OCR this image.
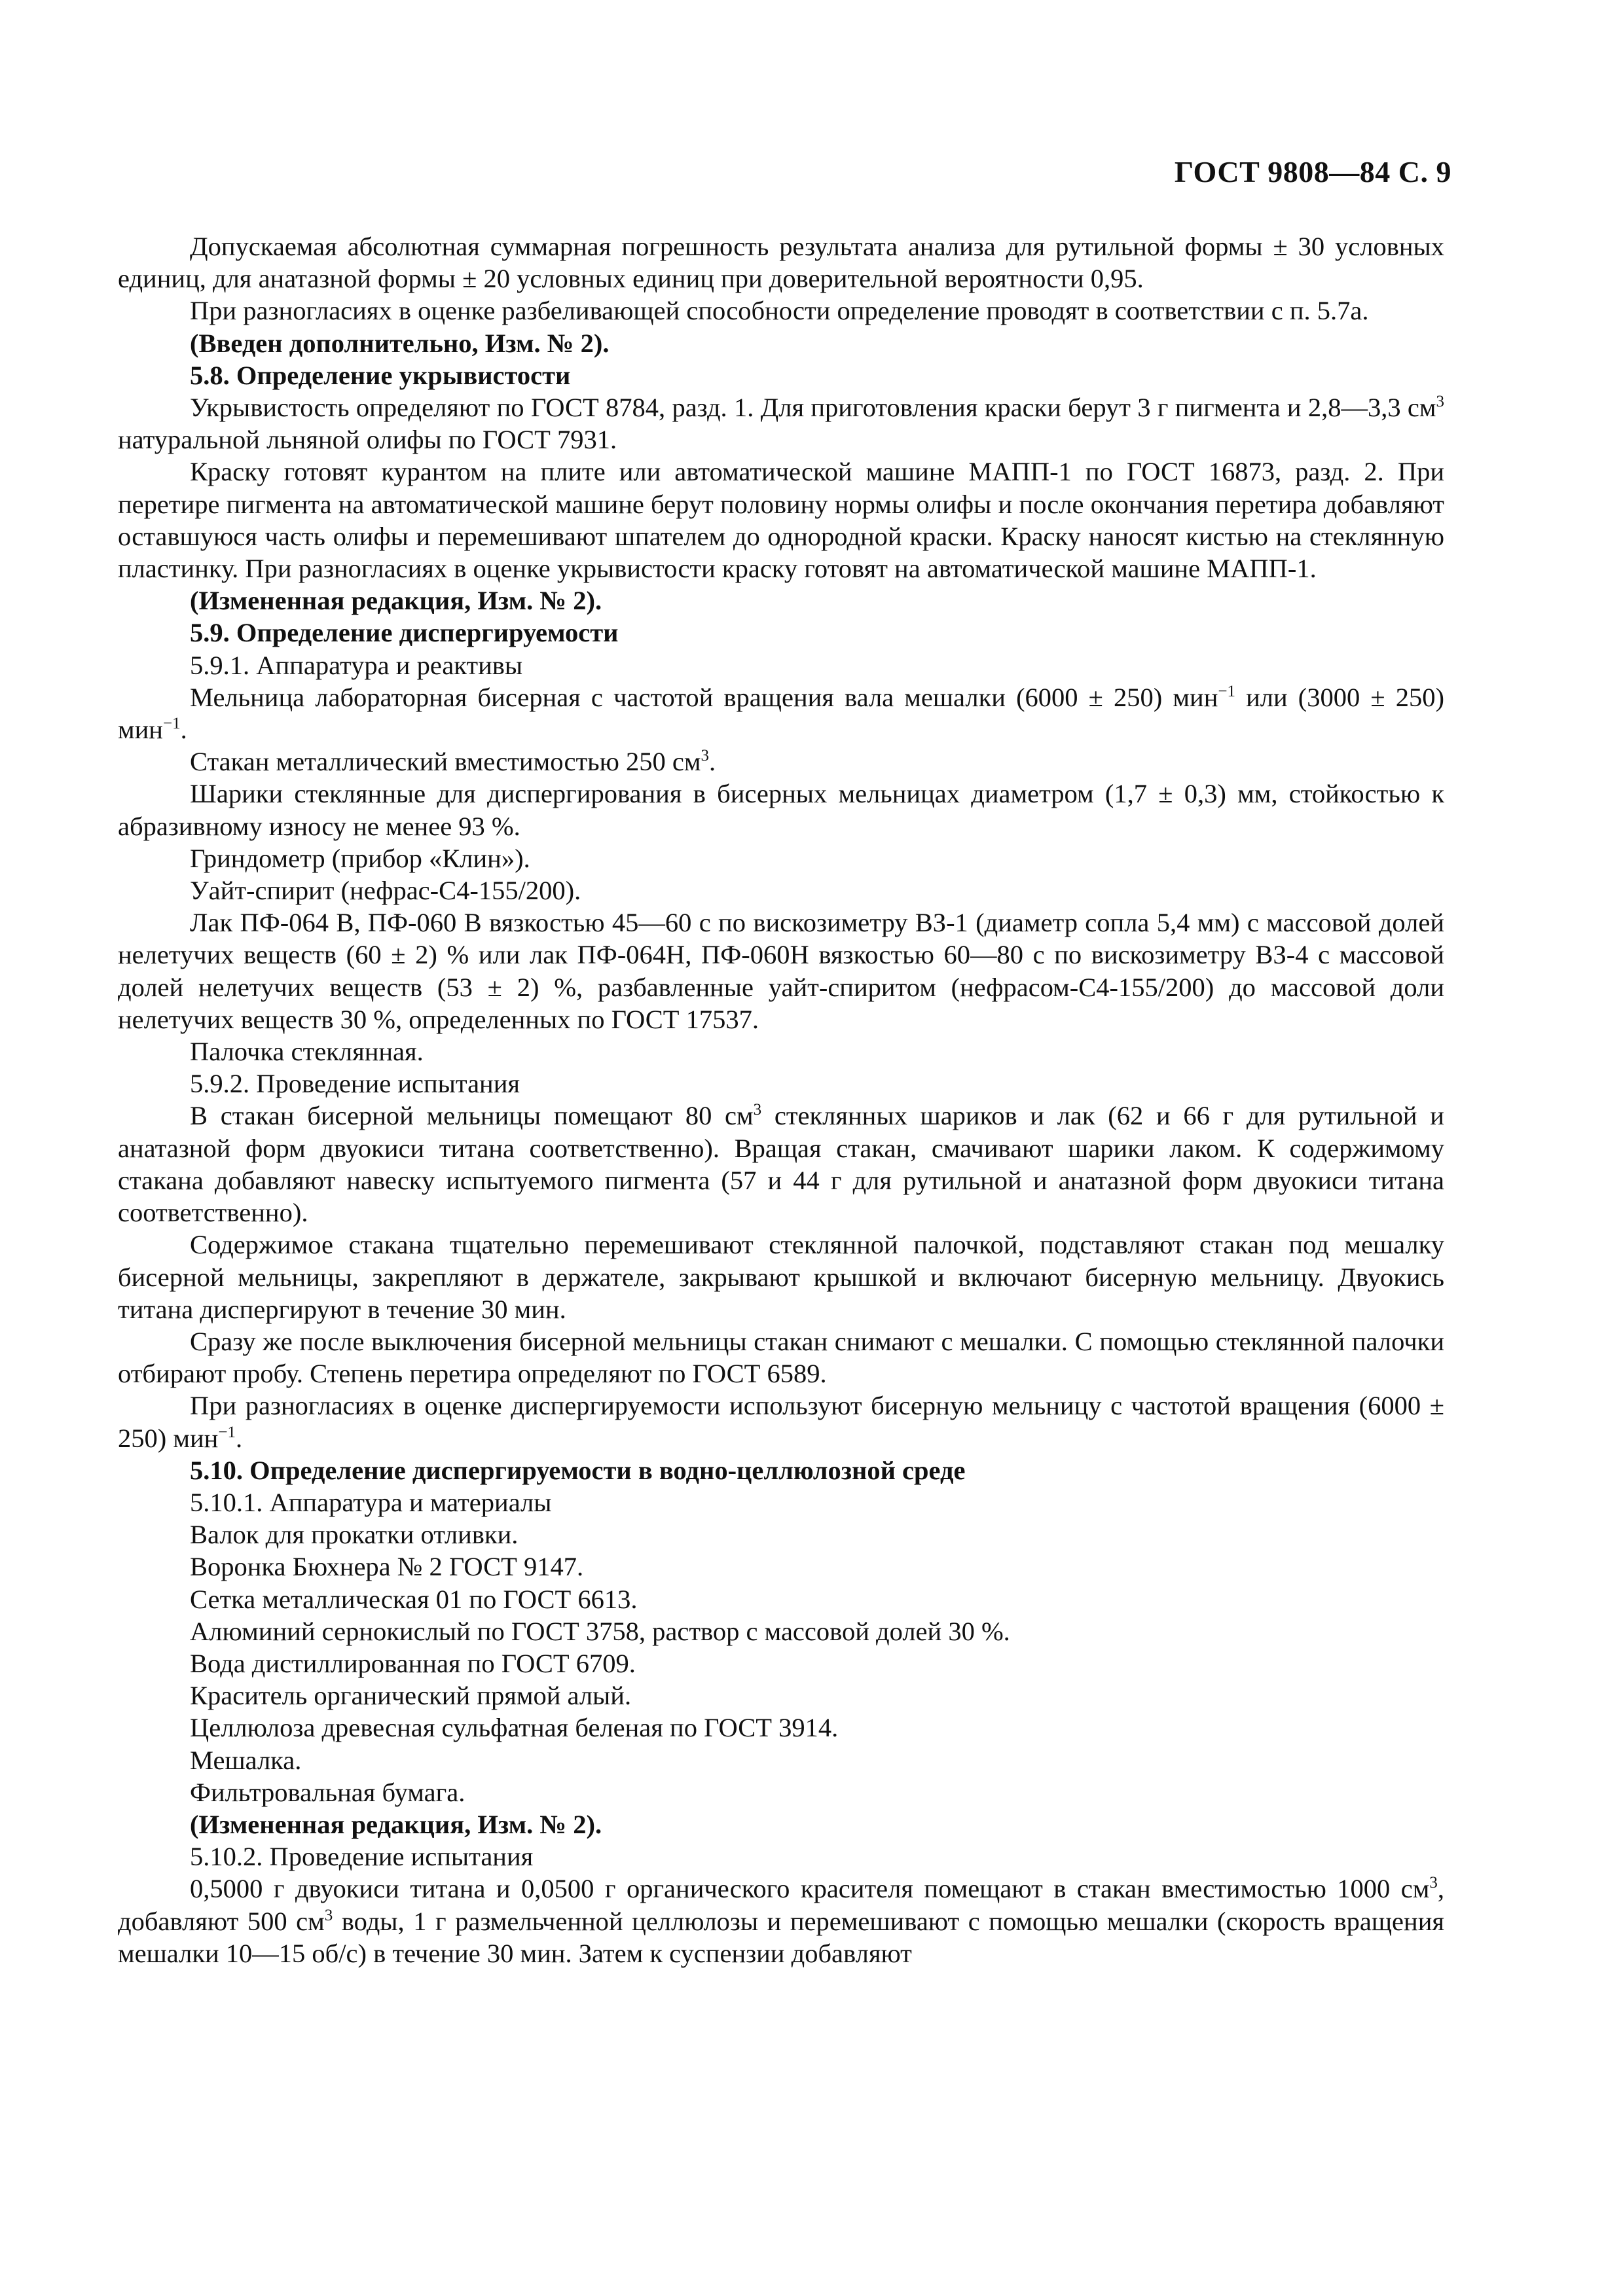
ГОСТ 9808—84 С. 9

Допускаемая абсолютная суммарная погрешность результата анализа для рутильной формы ± 30 условных единиц, для анатазной формы ± 20 условных единиц при доверительной вероятности 0,95.

При разногласиях в оценке разбеливающей способности определение проводят в соответствии с п. 5.7а.

(Введен дополнительно, Изм. № 2).

5.8. Определение укрывистости

Укрывистость определяют по ГОСТ 8784, разд. 1. Для приготовления краски берут 3 г пигмента и 2,8—3,3 $см^3$ натуральной льняной олифы по ГОСТ 7931.

Краску готовят курантом на плите или автоматической машине МАПП-1 по ГОСТ 16873, разд. 2. При перетире пигмента на автоматической машине берут половину нормы олифы и после окончания перетира добавляют оставшуюся часть олифы и перемешивают шпателем до однородной краски. Краску наносят кистью на стеклянную пластинку. При разногласиях в оценке укрывистости краску готовят на автоматической машине МАПП-1.

(Измененная редакция, Изм. № 2).

5.9. Определение диспергируемости

5.9.1. Аппаратура и реактивы

Мельница лабораторная бисерная с частотой вращения вала мешалки (6000 ± 250) мин$^{-1}$ или (3000 ± 250) мин$^{-1}$.

Стакан металлический вместимостью 250 $см^3$.

Шарики стеклянные для диспергирования в бисерных мельницах диаметром (1,7 ± 0,3) мм, стойкостью к абразивному износу не менее 93 %.

Гриндометр (прибор «Клин»).

Уайт-спирит (нефрас-С4-155/200).

Лак ПФ-064 В, ПФ-060 В вязкостью 45—60 с по вискозиметру ВЗ-1 (диаметр сопла 5,4 мм) с массовой долей нелетучих веществ (60 ± 2) % или лак ПФ-064Н, ПФ-060Н вязкостью 60—80 с по вискозиметру ВЗ-4 с массовой долей нелетучих веществ (53 ± 2) %, разбавленные уайт-спиритом (нефрасом-С4-155/200) до массовой доли нелетучих веществ 30 %, определенных по ГОСТ 17537.

Палочка стеклянная.

5.9.2. Проведение испытания

В стакан бисерной мельницы помещают 80 $см^3$ стеклянных шариков и лак (62 и 66 г для рутильной и анатазной форм двуокиси титана соответственно). Вращая стакан, смачивают шарики лаком. К содержимому стакана добавляют навеску испытуемого пигмента (57 и 44 г для рутильной и анатазной форм двуокиси титана соответственно).

Содержимое стакана тщательно перемешивают стеклянной палочкой, подставляют стакан под мешалку бисерной мельницы, закрепляют в держателе, закрывают крышкой и включают бисерную мельницу. Двуокись титана диспергируют в течение 30 мин.

Сразу же после выключения бисерной мельницы стакан снимают с мешалки. С помощью стеклянной палочки отбирают пробу. Степень перетира определяют по ГОСТ 6589.

При разногласиях в оценке диспергируемости используют бисерную мельницу с частотой вращения (6000 ± 250) мин$^{-1}$.

5.10. Определение диспергируемости в водно-целлюлозной среде

5.10.1. Аппаратура и материалы

Валок для прокатки отливки.

Воронка Бюхнера № 2 ГОСТ 9147.

Сетка металлическая 01 по ГОСТ 6613.

Алюминий сернокислый по ГОСТ 3758, раствор с массовой долей 30 %.

Вода дистиллированная по ГОСТ 6709.

Краситель органический прямой алый.

Целлюлоза древесная сульфатная беленая по ГОСТ 3914.

Мешалка.

Фильтровальная бумага.

(Измененная редакция, Изм. № 2).

5.10.2. Проведение испытания

0,5000 г двуокиси титана и 0,0500 г органического красителя помещают в стакан вместимостью 1000 $см^3$, добавляют 500 $см^3$ воды, 1 г размельченной целлюлозы и перемешивают с помощью мешалки (скорость вращения мешалки 10—15 об/с) в течение 30 мин. Затем к суспензии добавляют
